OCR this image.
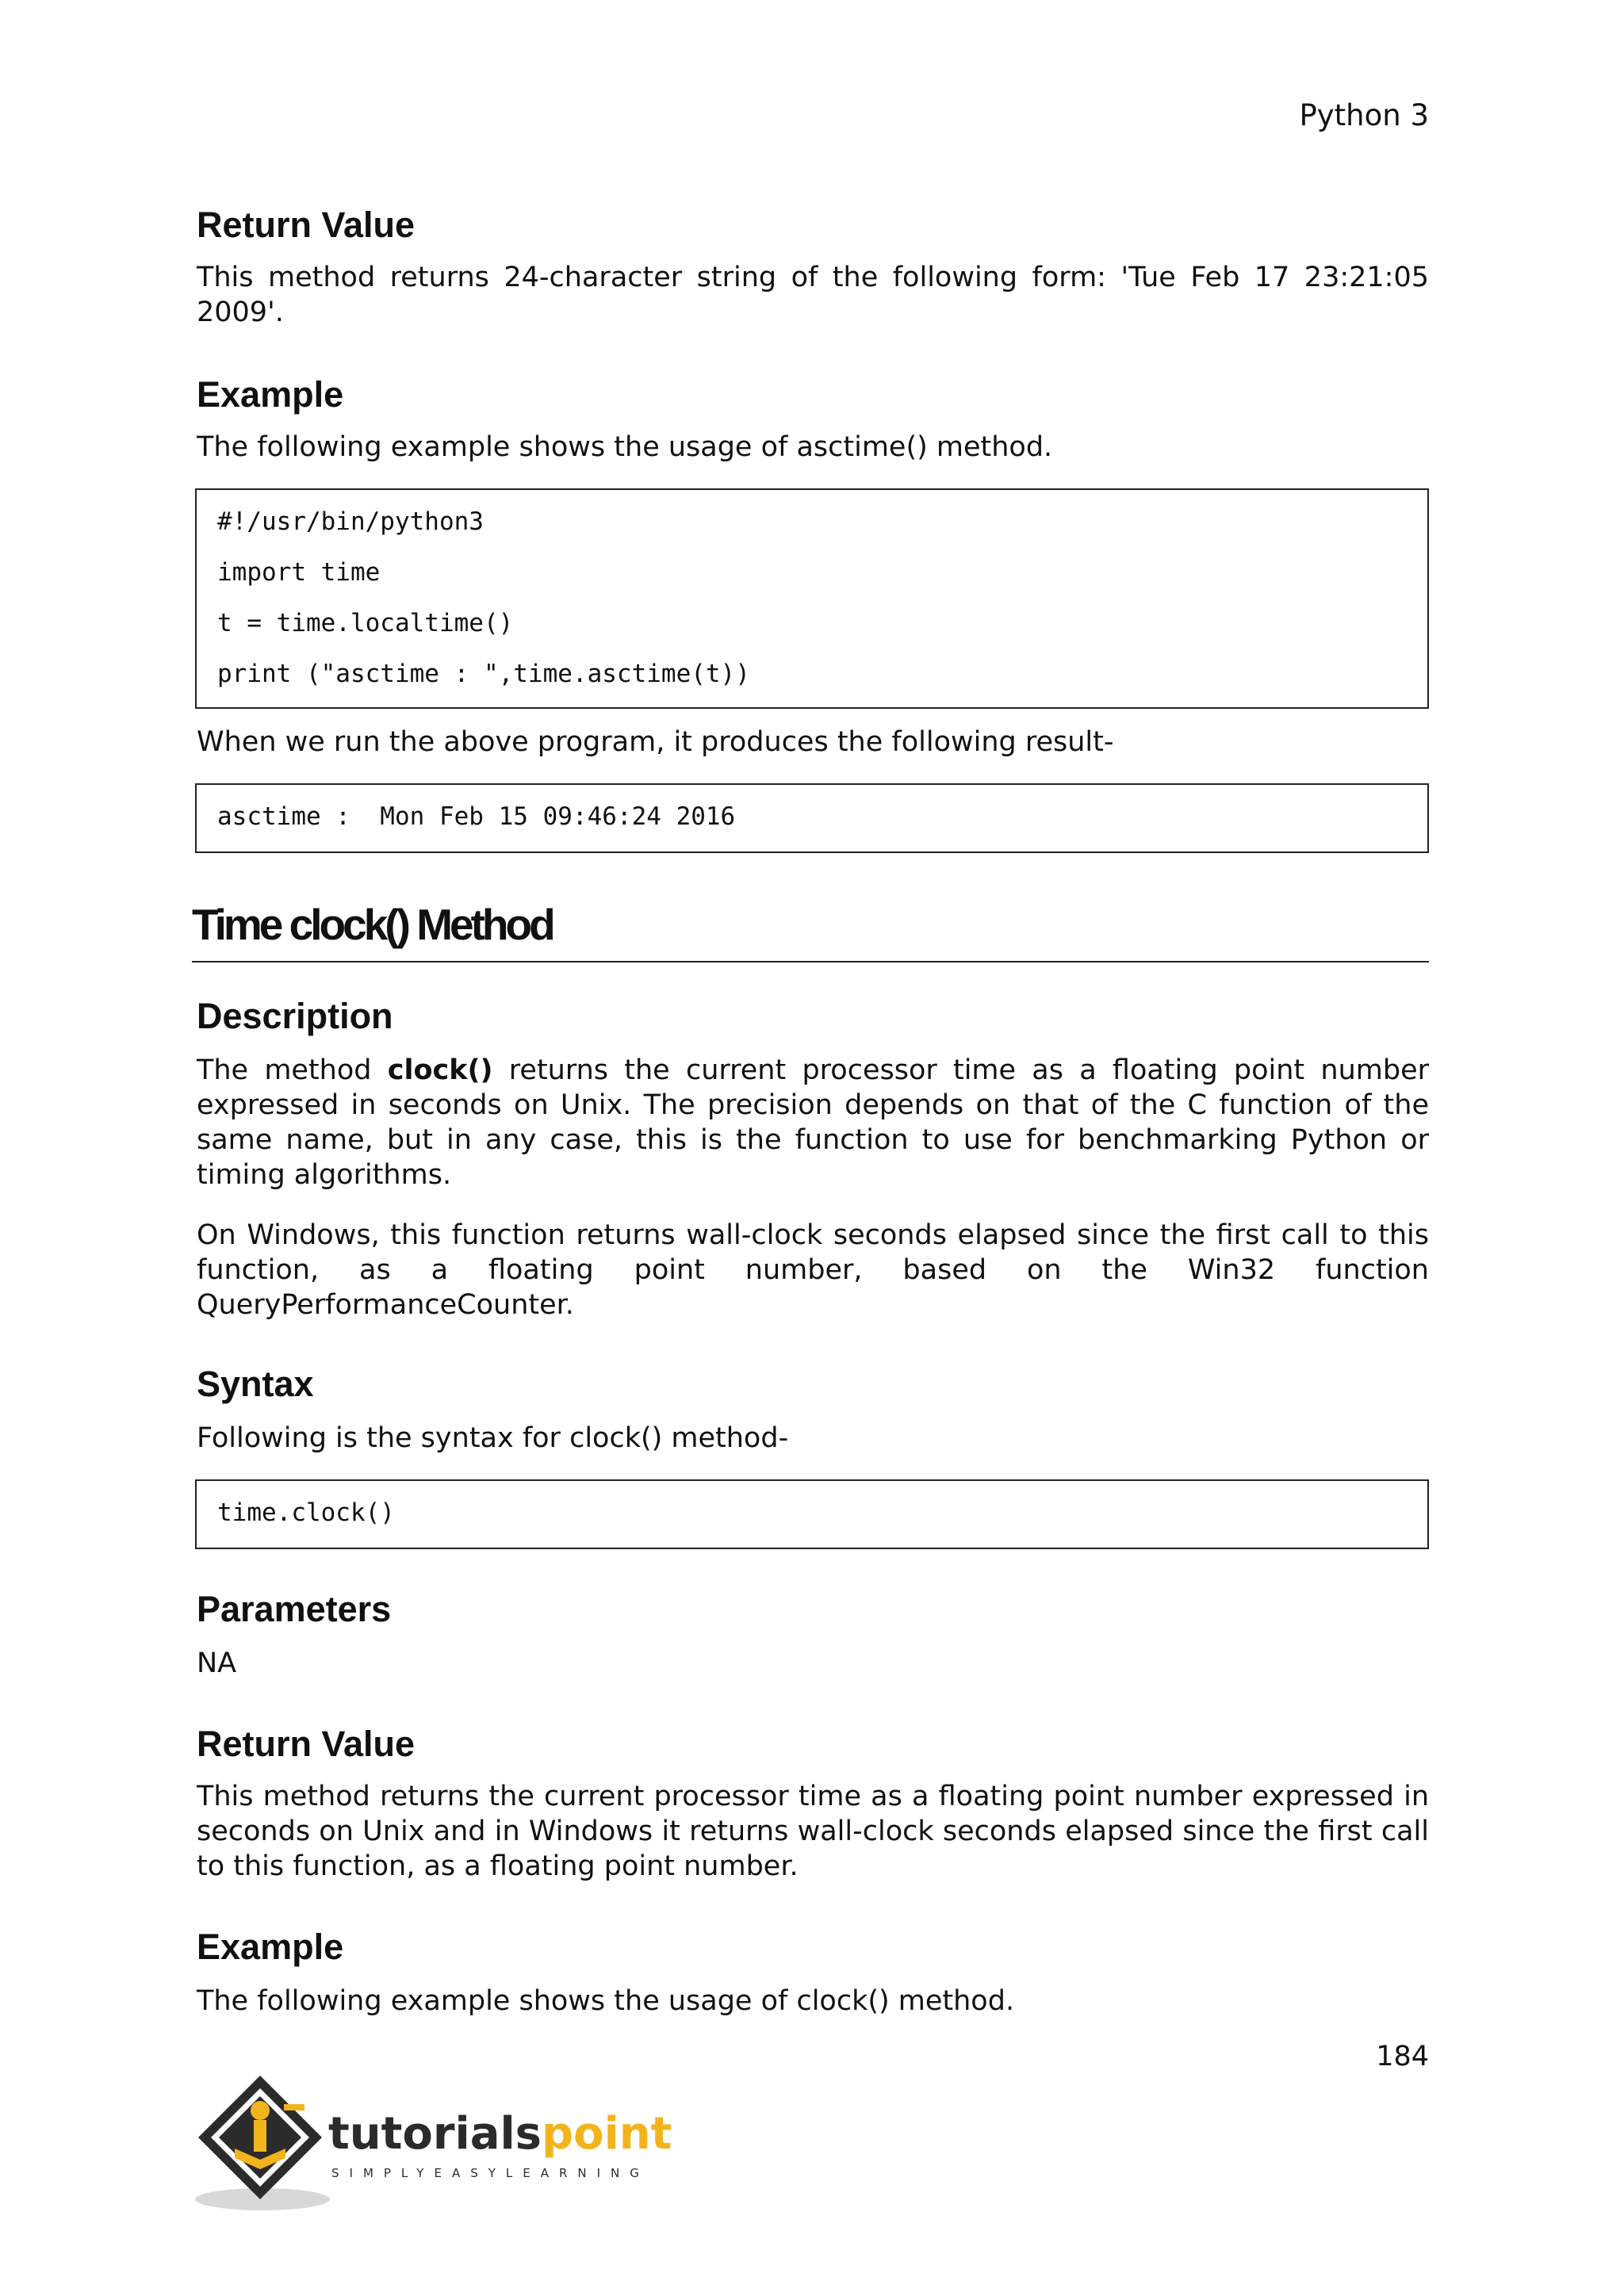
Python 3
Return Value

This method returns 24-character string of the following form: 'Tue Feb 17 23:21:05 2009'.

Example

The following example shows the usage of asctime() method.

#!/usr/bin/python3
import time
t = time.localtime()
print ("asctime : ",time.asctime(t))

When we run the above program, it produces the following result-

asctime :  Mon Feb 15 09:46:24 2016
Time clock() Method
Description

The method clock() returns the current processor time as a floating point number expressed in seconds on Unix. The precision depends on that of the C function of the same name, but in any case, this is the function to use for benchmarking Python or timing algorithms.

On Windows, this function returns wall-clock seconds elapsed since the first call to this function, as a floating point number, based on the Win32 function QueryPerformanceCounter.

Syntax

Following is the syntax for clock() method-

time.clock()
Parameters

NA

Return Value

This method returns the current processor time as a floating point number expressed in seconds on Unix and in Windows it returns wall-clock seconds elapsed since the first call to this function, as a floating point number.

Example

The following example shows the usage of clock() method.

184
tutorialspoint
SIMPLYEASYLEARNING
